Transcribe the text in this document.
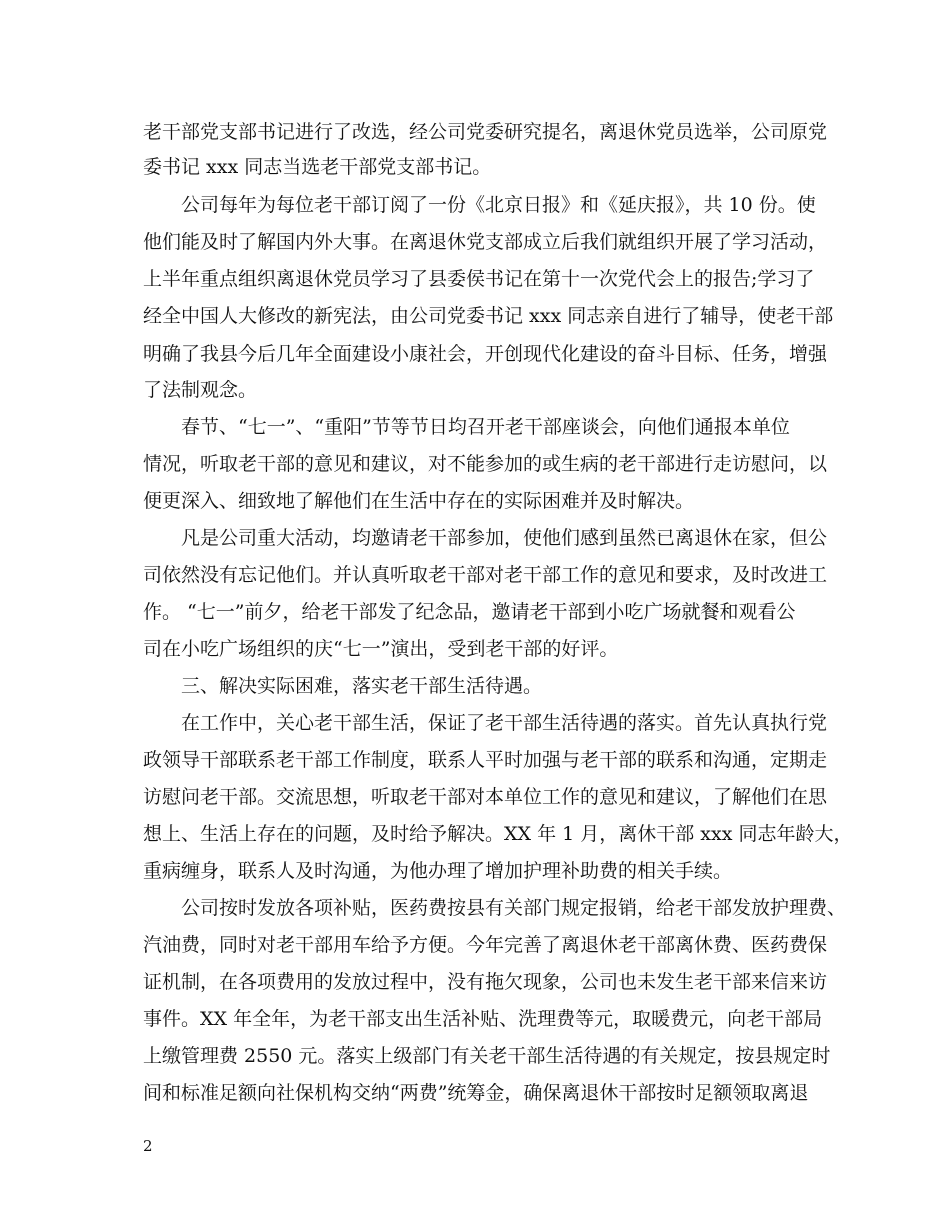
老干部党支部书记进行了改选，经公司党委研究提名，离退休党员选举，公司原党
委书记 xxx 同志当选老干部党支部书记。
公司每年为每位老干部订阅了一份《北京日报》和《延庆报》，共 10 份。使
他们能及时了解国内外大事。在离退休党支部成立后我们就组织开展了学习活动，
上半年重点组织离退休党员学习了县委侯书记在第十一次党代会上的报告;学习了
经全中国人大修改的新宪法，由公司党委书记 xxx 同志亲自进行了辅导，使老干部
明确了我县今后几年全面建设小康社会，开创现代化建设的奋斗目标、任务，增强
了法制观念。
春节、“七一”、“重阳”节等节日均召开老干部座谈会，向他们通报本单位
情况，听取老干部的意见和建议，对不能参加的或生病的老干部进行走访慰问，以
便更深入、细致地了解他们在生活中存在的实际困难并及时解决。
凡是公司重大活动，均邀请老干部参加，使他们感到虽然已离退休在家，但公
司依然没有忘记他们。并认真听取老干部对老干部工作的意见和要求，及时改进工
作。 “七一”前夕，给老干部发了纪念品，邀请老干部到小吃广场就餐和观看公
司在小吃广场组织的庆“七一”演出，受到老干部的好评。
三、解决实际困难，落实老干部生活待遇。
在工作中，关心老干部生活，保证了老干部生活待遇的落实。首先认真执行党
政领导干部联系老干部工作制度，联系人平时加强与老干部的联系和沟通，定期走
访慰问老干部。交流思想，听取老干部对本单位工作的意见和建议，了解他们在思
想上、生活上存在的问题，及时给予解决。XX 年 1 月，离休干部 xxx 同志年龄大，
重病缠身，联系人及时沟通，为他办理了增加护理补助费的相关手续。
公司按时发放各项补贴，医药费按县有关部门规定报销，给老干部发放护理费、
汽油费，同时对老干部用车给予方便。今年完善了离退休老干部离休费、医药费保
证机制，在各项费用的发放过程中，没有拖欠现象，公司也未发生老干部来信来访
事件。XX 年全年，为老干部支出生活补贴、洗理费等元，取暖费元，向老干部局
上缴管理费 2550 元。落实上级部门有关老干部生活待遇的有关规定，按县规定时
间和标准足额向社保机构交纳“两费”统筹金，确保离退休干部按时足额领取离退
2
